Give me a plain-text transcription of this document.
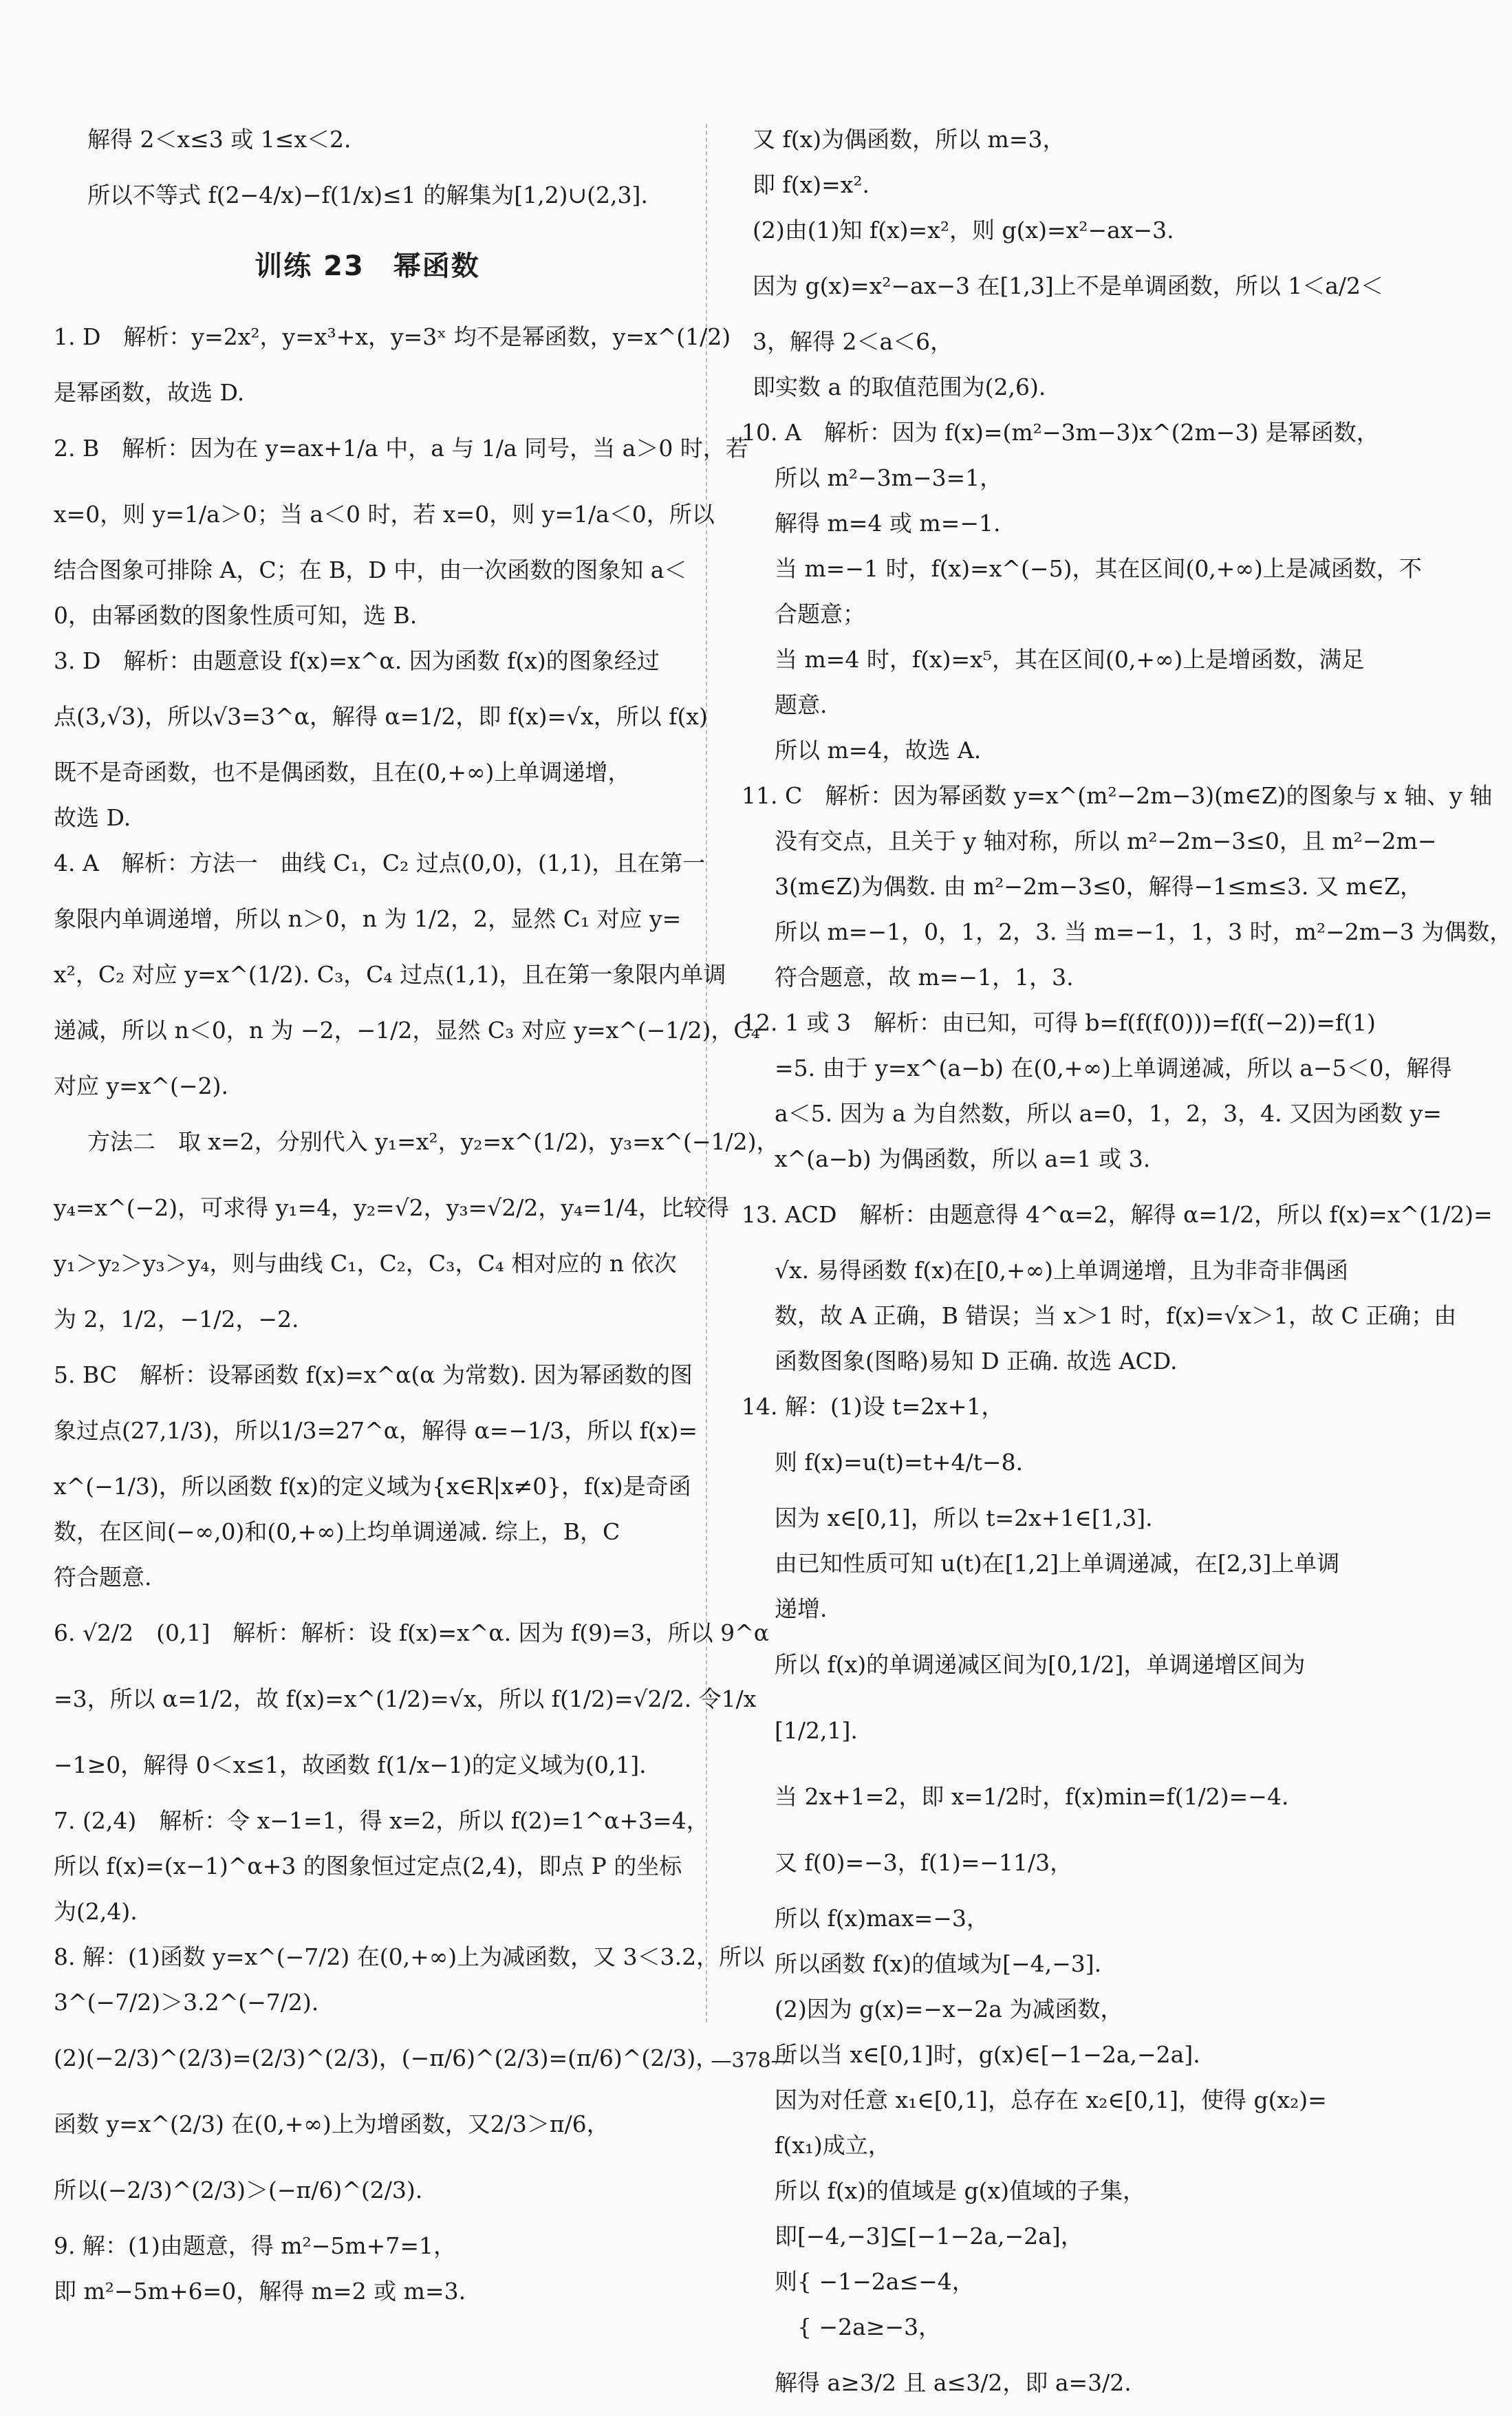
　解得 2＜x≤3 或 1≤x＜2.
　所以不等式 f(2−4/x)−f(1/x)≤1 的解集为[1,2)∪(2,3].
训练 23　幂函数
1. D　解析：y=2x²，y=x³+x，y=3ˣ 均不是幂函数，y=x^(1/2)
是幂函数，故选 D.
2. B　解析：因为在 y=ax+1/a 中，a 与 1/a 同号，当 a＞0 时，若
x=0，则 y=1/a＞0；当 a＜0 时，若 x=0，则 y=1/a＜0，所以
结合图象可排除 A，C；在 B，D 中，由一次函数的图象知 a＜
0，由幂函数的图象性质可知，选 B.
3. D　解析：由题意设 f(x)=x^α. 因为函数 f(x)的图象经过
点(3,√3)，所以√3=3^α，解得 α=1/2，即 f(x)=√x，所以 f(x)
既不是奇函数，也不是偶函数，且在(0,+∞)上单调递增，
故选 D.
4. A　解析：方法一　曲线 C₁，C₂ 过点(0,0)，(1,1)，且在第一
象限内单调递增，所以 n＞0，n 为 1/2，2，显然 C₁ 对应 y=
x²，C₂ 对应 y=x^(1/2). C₃，C₄ 过点(1,1)，且在第一象限内单调
递减，所以 n＜0，n 为 −2，−1/2，显然 C₃ 对应 y=x^(−1/2)，C₄
对应 y=x^(−2).
　方法二　取 x=2，分别代入 y₁=x²，y₂=x^(1/2)，y₃=x^(−1/2)，
y₄=x^(−2)，可求得 y₁=4，y₂=√2，y₃=√2/2，y₄=1/4，比较得
y₁＞y₂＞y₃＞y₄，则与曲线 C₁，C₂，C₃，C₄ 相对应的 n 依次
为 2，1/2，−1/2，−2.
5. BC　解析：设幂函数 f(x)=x^α(α 为常数). 因为幂函数的图
象过点(27,1/3)，所以1/3=27^α，解得 α=−1/3，所以 f(x)=
x^(−1/3)，所以函数 f(x)的定义域为{x∈R|x≠0}，f(x)是奇函
数，在区间(−∞,0)和(0,+∞)上均单调递减. 综上，B，C
符合题意.
6. √2/2　(0,1]　解析：解析：设 f(x)=x^α. 因为 f(9)=3，所以 9^α
=3，所以 α=1/2，故 f(x)=x^(1/2)=√x，所以 f(1/2)=√2/2. 令1/x
−1≥0，解得 0＜x≤1，故函数 f(1/x−1)的定义域为(0,1].
7. (2,4)　解析：令 x−1=1，得 x=2，所以 f(2)=1^α+3=4，
所以 f(x)=(x−1)^α+3 的图象恒过定点(2,4)，即点 P 的坐标
为(2,4).
8. 解：(1)函数 y=x^(−7/2) 在(0,+∞)上为减函数，又 3＜3.2，所以
3^(−7/2)＞3.2^(−7/2).
(2)(−2/3)^(2/3)=(2/3)^(2/3)，(−π/6)^(2/3)=(π/6)^(2/3)，
函数 y=x^(2/3) 在(0,+∞)上为增函数，又2/3＞π/6，
所以(−2/3)^(2/3)＞(−π/6)^(2/3).
9. 解：(1)由题意，得 m²−5m+7=1，
即 m²−5m+6=0，解得 m=2 或 m=3.
又 f(x)为偶函数，所以 m=3，
即 f(x)=x².
(2)由(1)知 f(x)=x²，则 g(x)=x²−ax−3.
因为 g(x)=x²−ax−3 在[1,3]上不是单调函数，所以 1＜a/2＜
3，解得 2＜a＜6，
即实数 a 的取值范围为(2,6).
10. A　解析：因为 f(x)=(m²−3m−3)x^(2m−3) 是幂函数，
所以 m²−3m−3=1，
解得 m=4 或 m=−1.
当 m=−1 时，f(x)=x^(−5)，其在区间(0,+∞)上是减函数，不
合题意；
当 m=4 时，f(x)=x⁵，其在区间(0,+∞)上是增函数，满足
题意.
所以 m=4，故选 A.
11. C　解析：因为幂函数 y=x^(m²−2m−3)(m∈Z)的图象与 x 轴、y 轴
没有交点，且关于 y 轴对称，所以 m²−2m−3≤0，且 m²−2m−
3(m∈Z)为偶数. 由 m²−2m−3≤0，解得−1≤m≤3. 又 m∈Z，
所以 m=−1，0，1，2，3. 当 m=−1，1，3 时，m²−2m−3 为偶数，
符合题意，故 m=−1，1，3.
12. 1 或 3　解析：由已知，可得 b=f(f(f(0)))=f(f(−2))=f(1)
=5. 由于 y=x^(a−b) 在(0,+∞)上单调递减，所以 a−5＜0，解得
a＜5. 因为 a 为自然数，所以 a=0，1，2，3，4. 又因为函数 y=
x^(a−b) 为偶函数，所以 a=1 或 3.
13. ACD　解析：由题意得 4^α=2，解得 α=1/2，所以 f(x)=x^(1/2)=
√x. 易得函数 f(x)在[0,+∞)上单调递增，且为非奇非偶函
数，故 A 正确，B 错误；当 x＞1 时，f(x)=√x＞1，故 C 正确；由
函数图象(图略)易知 D 正确. 故选 ACD.
14. 解：(1)设 t=2x+1，
则 f(x)=u(t)=t+4/t−8.
因为 x∈[0,1]，所以 t=2x+1∈[1,3].
由已知性质可知 u(t)在[1,2]上单调递减，在[2,3]上单调
递增.
所以 f(x)的单调递减区间为[0,1/2]，单调递增区间为
[1/2,1].
当 2x+1=2，即 x=1/2时，f(x)min=f(1/2)=−4.
又 f(0)=−3，f(1)=−11/3，
所以 f(x)max=−3，
所以函数 f(x)的值域为[−4,−3].
(2)因为 g(x)=−x−2a 为减函数，
所以当 x∈[0,1]时，g(x)∈[−1−2a,−2a].
因为对任意 x₁∈[0,1]，总存在 x₂∈[0,1]，使得 g(x₂)=
f(x₁)成立，
所以 f(x)的值域是 g(x)值域的子集，
即[−4,−3]⊆[−1−2a,−2a]，
则{ −1−2a≤−4，
　{ −2a≥−3，
解得 a≥3/2 且 a≤3/2，即 a=3/2.
—378—
